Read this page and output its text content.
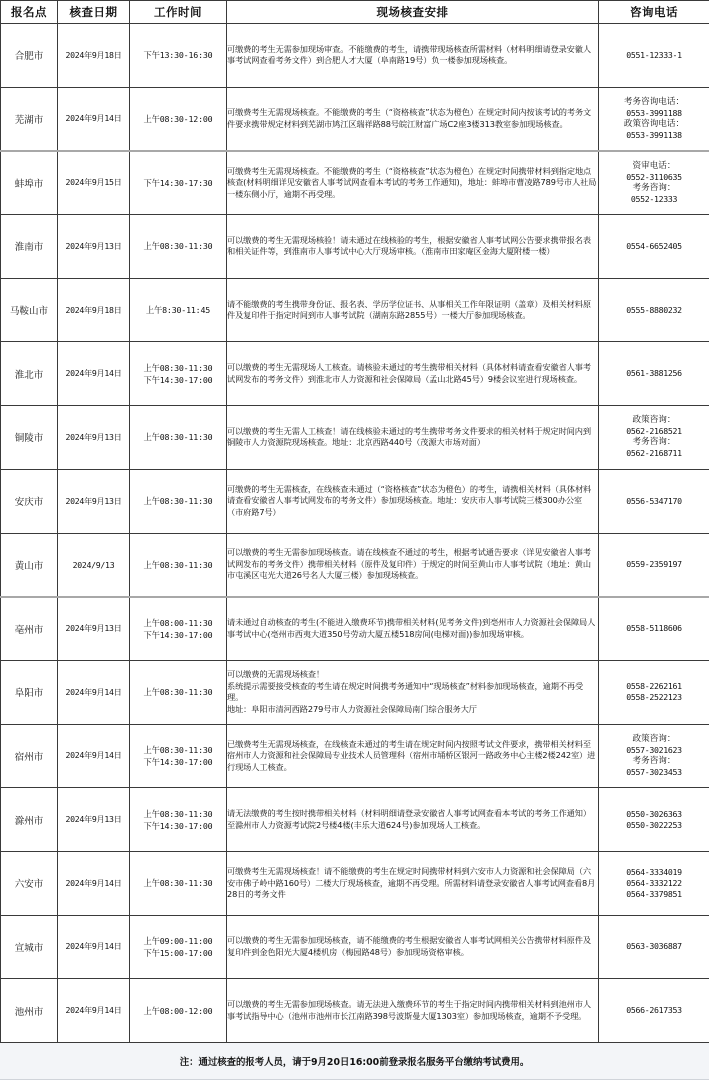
报名点	核查日期	工作时间	现场核查安排	咨询电话
合肥市	2024年9月18日	下午13:30-16:30	可缴费的考生无需参加现场审查。不能缴费的考生，请携带现场核查所需材料（材料明细请登录安徽人事考试网查看考务文件）到合肥人才大厦（阜南路19号）负一楼参加现场核查。	0551-12333-1

芜湖市	2024年9月14日	上午08:30-12:00	可缴费考生无需现场核查。不能缴费的考生（“资格核查”状态为橙色）在规定时间内按该考试的考务文件要求携带规定材料到芜湖市鸠江区瑞祥路88号皖江财富广场C2座3楼313教室参加现场核查。	考务咨询电话：
0553-3991188
政策咨询电话：
0553-3991138

蚌埠市	2024年9月15日	下午14:30-17:30	可缴费考生无需现场核查。不能缴费的考生（“资格核查”状态为橙色）在规定时间携带材料到指定地点核查(材料明细详见安徽省人事考试网查看本考试的考务工作通知)，地址：蚌埠市曹凌路789号市人社局一楼东侧小厅，逾期不再受理。	资审电话：
0552-3110635
考务咨询：
0552-12333

淮南市	2024年9月13日	上午08:30-11:30	可以缴费的考生无需现场核验！请未通过在线核验的考生，根据安徽省人事考试网公告要求携带报名表和相关证件等，到淮南市人事考试中心大厅现场审核。（淮南市田家庵区金海大厦附楼一楼）	0554-6652405

马鞍山市	2024年9月18日	上午8:30-11:45	请不能缴费的考生携带身份证、报名表、学历学位证书、从事相关工作年限证明（盖章）及相关材料原件及复印件于指定时间到市人事考试院（湖南东路2855号）一楼大厅参加现场核查。	0555-8880232

淮北市	2024年9月14日	上午08:30-11:30
下午14:30-17:00	可以缴费的考生无需现场人工核查。请核验未通过的考生携带相关材料（具体材料请查看安徽省人事考试网发布的考务文件）到淮北市人力资源和社会保障局（孟山北路45号）9楼会议室进行现场核查。	0561-3881256

铜陵市	2024年9月13日	上午08:30-11:30	可以缴费的考生无需人工核查！请在线核验未通过的考生携带考务文件要求的相关材料于规定时间内到铜陵市人力资源院现场核查。地址：北京西路440号（茂源大市场对面）	政策咨询：
0562-2168521
考务咨询：
0562-2168711

安庆市	2024年9月13日	上午08:30-11:30	可缴费的考生无需核查，在线核查未通过（“资格核查”状态为橙色）的考生，请携相关材料（具体材料请查看安徽省人事考试网发布的考务文件）参加现场核查。地址：安庆市人事考试院三楼300办公室（市府路7号）	0556-5347170

黄山市	2024/9/13	上午08:30-11:30	可以缴费的考生无需参加现场核查。请在线核查不通过的考生，根据考试通告要求（详见安徽省人事考试网发布的考务文件）携带相关材料（原件及复印件）于规定的时间至黄山市人事考试院（地址：黄山市屯溪区屯光大道26号名人大厦三楼）参加现场核查。	0559-2359197

亳州市	2024年9月13日	上午08:00-11:30
下午14:30-17:00	请未通过自动核查的考生(不能进入缴费环节)携带相关材料(见考务文件)到亳州市人力资源社会保障局人事考试中心(亳州市西夷大道350号劳动大厦五楼518房间(电梯对面))参加现场审核。	0558-5118606

阜阳市	2024年9月14日	上午08:30-11:30	可以缴费的无需现场核查！
系统提示需要接受核查的考生请在规定时间携考务通知中“现场核查”材料参加现场核查，逾期不再受理。
地址：阜阳市清河西路279号市人力资源社会保障局南门综合服务大厅	0558-2262161
0558-2522123

宿州市	2024年9月14日	上午08:30-11:30
下午14:30-17:00	已缴费考生无需现场核查，在线核查未通过的考生请在规定时间内按照考试文件要求，携带相关材料至宿州市人力资源和社会保障局专业技术人员管理科（宿州市埇桥区银河一路政务中心主楼2楼242室）进行现场人工核查。	政策咨询：
0557-3021623
考务咨询：
0557-3023453

滁州市	2024年9月13日	上午08:30-11:30
下午14:30-17:00	请无法缴费的考生按时携带相关材料（材料明细请登录安徽省人事考试网查看本考试的考务工作通知）至滁州市人力资源考试院2号楼4楼(丰乐大道624号)参加现场人工核查。	0550-3026363
0550-3022253

六安市	2024年9月14日	上午08:30-11:30	可缴费考生无需现场核查！请不能缴费的考生在规定时间携带材料到六安市人力资源和社会保障局（六安市佛子岭中路160号）二楼大厅现场核查，逾期不再受理。所需材料请登录安徽省人事考试网查看8月28日的考务文件	0564-3334019
0564-3332122
0564-3379851

宣城市	2024年9月14日	上午09:00-11:00
下午15:00-17:00	可以缴费的考生无需参加现场核查，请不能缴费的考生根据安徽省人事考试网相关公告携带材料原件及复印件到金色阳光大厦4楼机房（梅园路48号）参加现场资格审核。	0563-3036887

池州市	2024年9月14日	上午08:00-12:00	可以缴费的考生无需参加现场核查。请无法进入缴费环节的考生于指定时间内携带相关材料到池州市人事考试指导中心（池州市池州市长江南路398号波斯曼大厦1303室）参加现场核查，逾期不予受理。	0566-2617353
注：通过核查的报考人员，请于9月20日16:00前登录报名服务平台缴纳考试费用。
